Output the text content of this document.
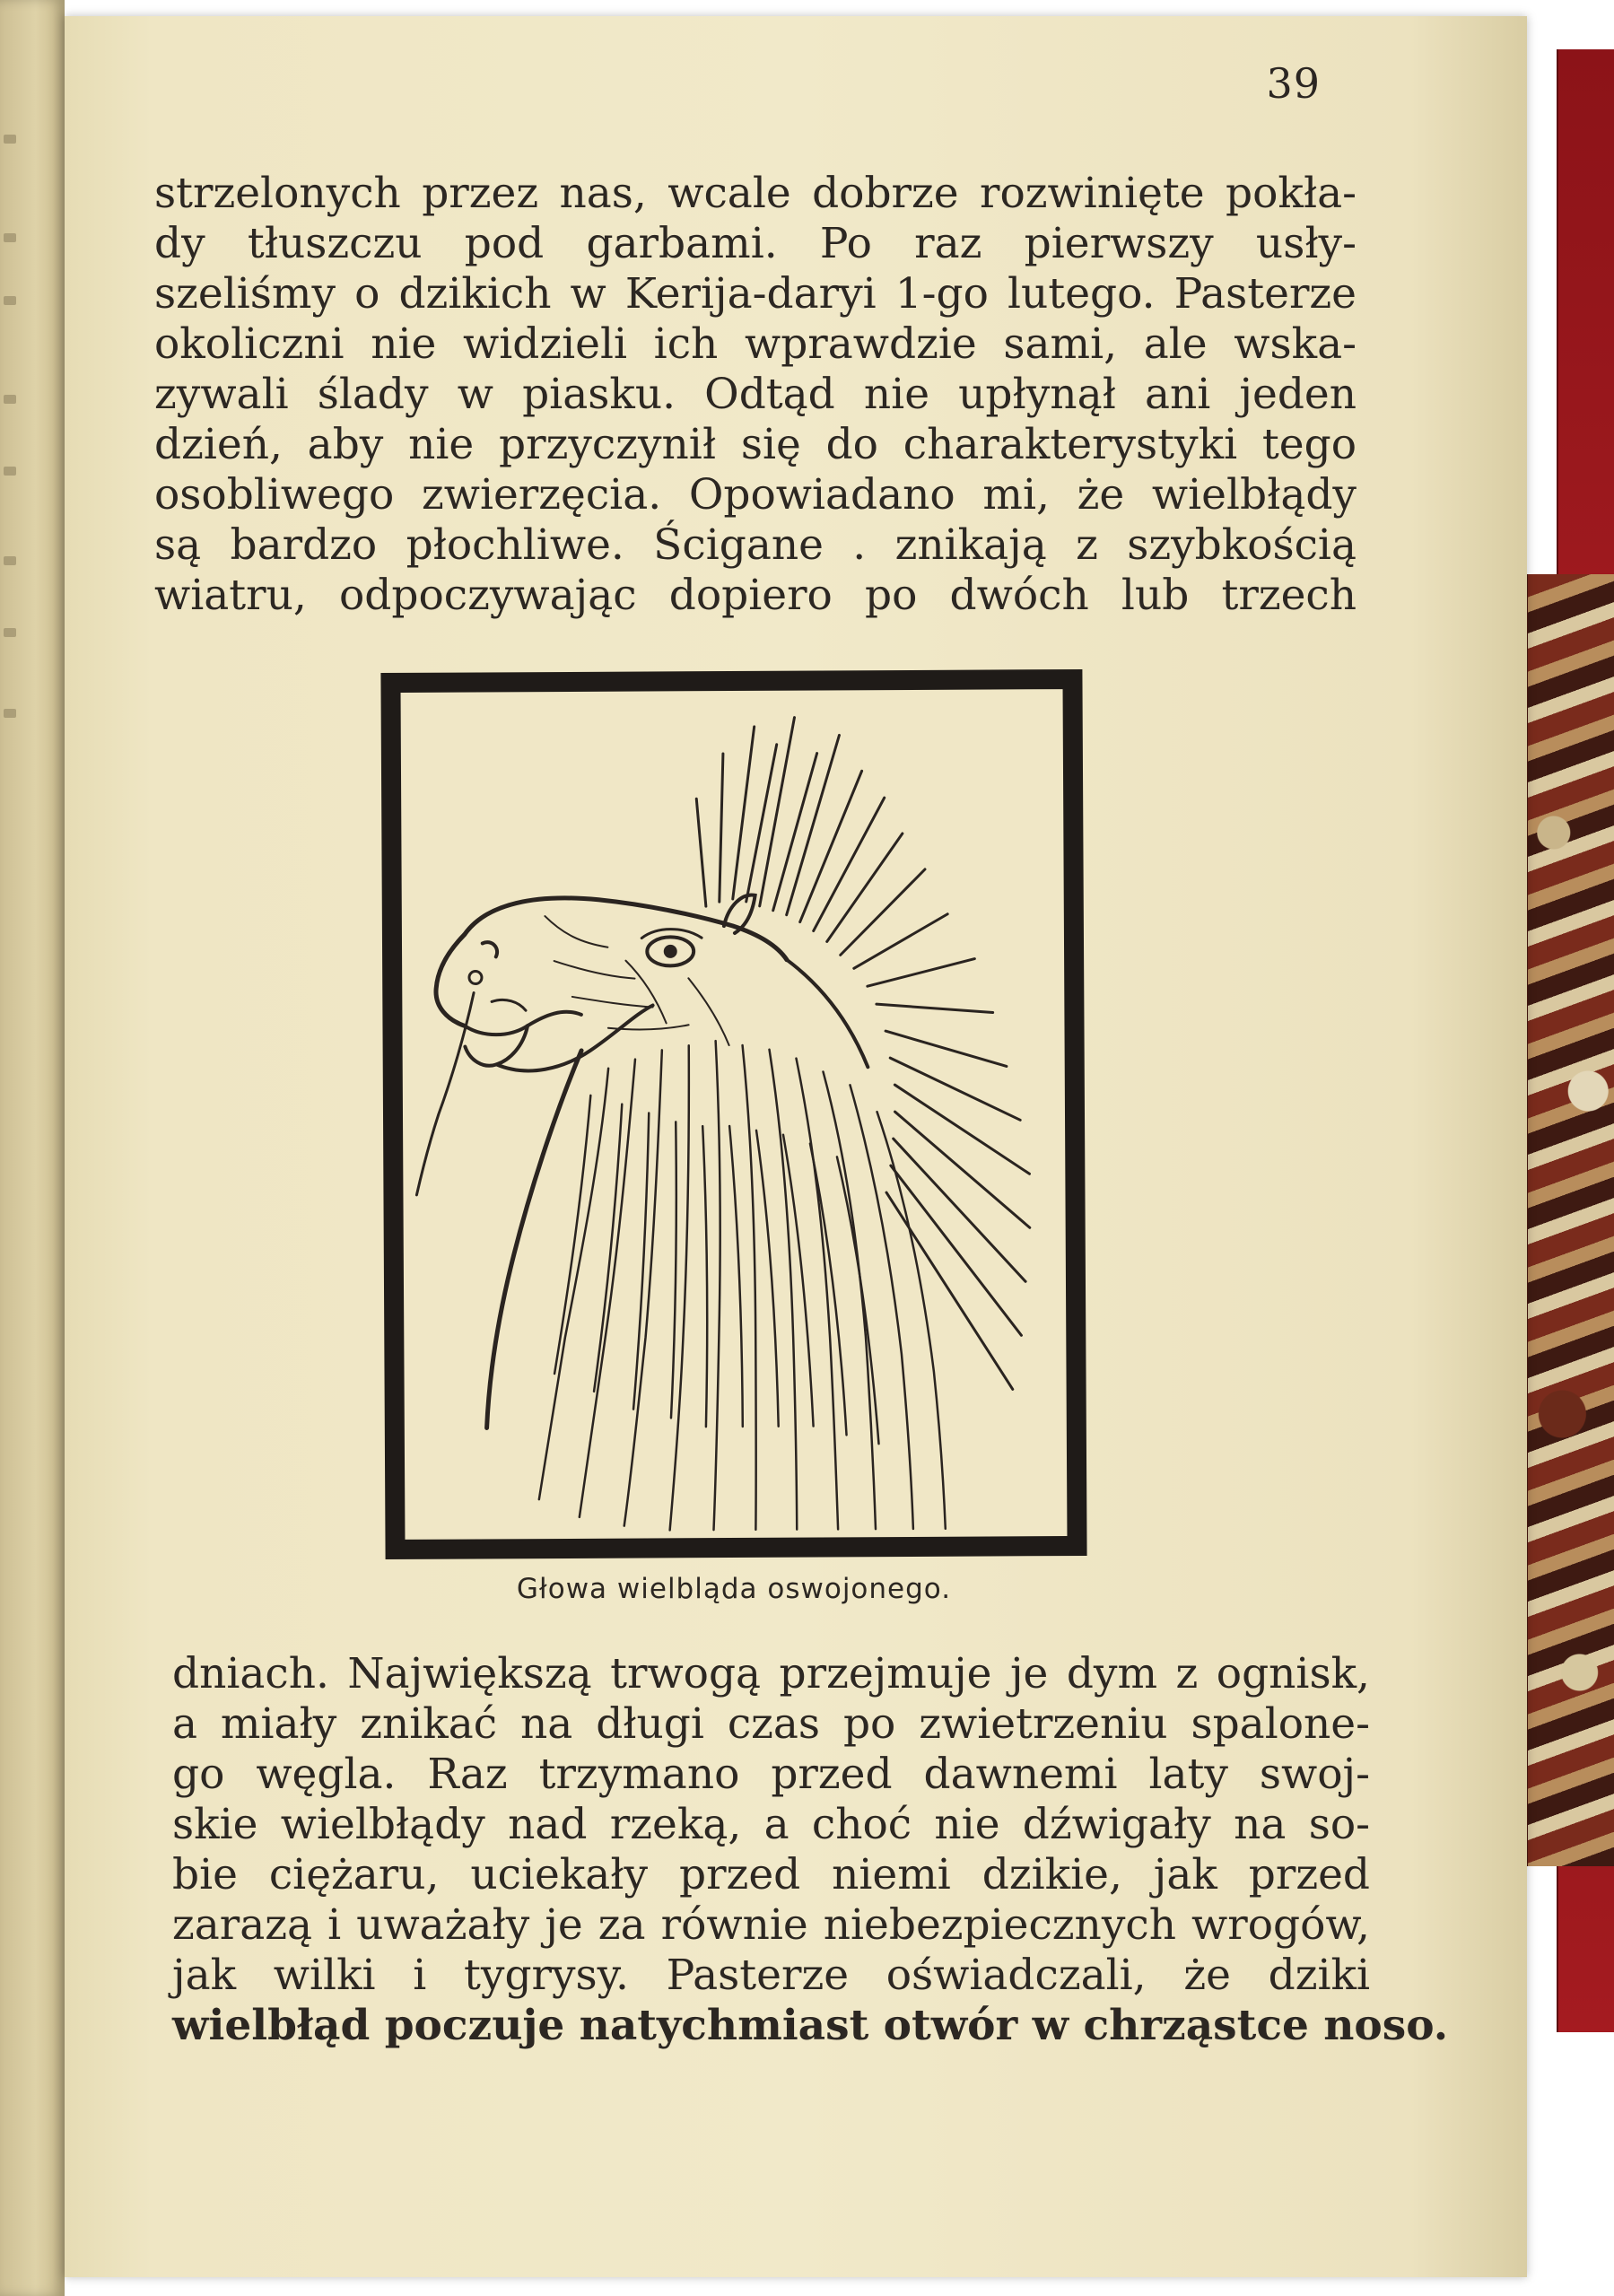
39
strzelonych przez nas, wcale dobrze rozwinięte pokła-
dy tłuszczu pod garbami. Po raz pierwszy usły-
szeliśmy o dzikich w Kerija-daryi 1-go lutego. Pasterze
okoliczni nie widzieli ich wprawdzie sami, ale wska-
zywali ślady w piasku. Odtąd nie upłynął ani jeden
dzień, aby nie przyczynił się do charakterystyki tego
osobliwego zwierzęcia. Opowiadano mi, że wielbłądy
są bardzo płochliwe. Ścigane . znikają z szybkością
wiatru, odpoczywając dopiero po dwóch lub trzech
Głowa wielbląda oswojonego.
dniach. Największą trwogą przejmuje je dym z ognisk,
a miały znikać na długi czas po zwietrzeniu spalone-
go węgla. Raz trzymano przed dawnemi laty swoj-
skie wielbłądy nad rzeką, a choć nie dźwigały na so-
bie ciężaru, uciekały przed niemi dzikie, jak przed
zarazą i uważały je za równie niebezpiecznych wrogów,
jak wilki i tygrysy. Pasterze oświadczali, że dziki
wielbłąd poczuje natychmiast otwór w chrząstce noso.
